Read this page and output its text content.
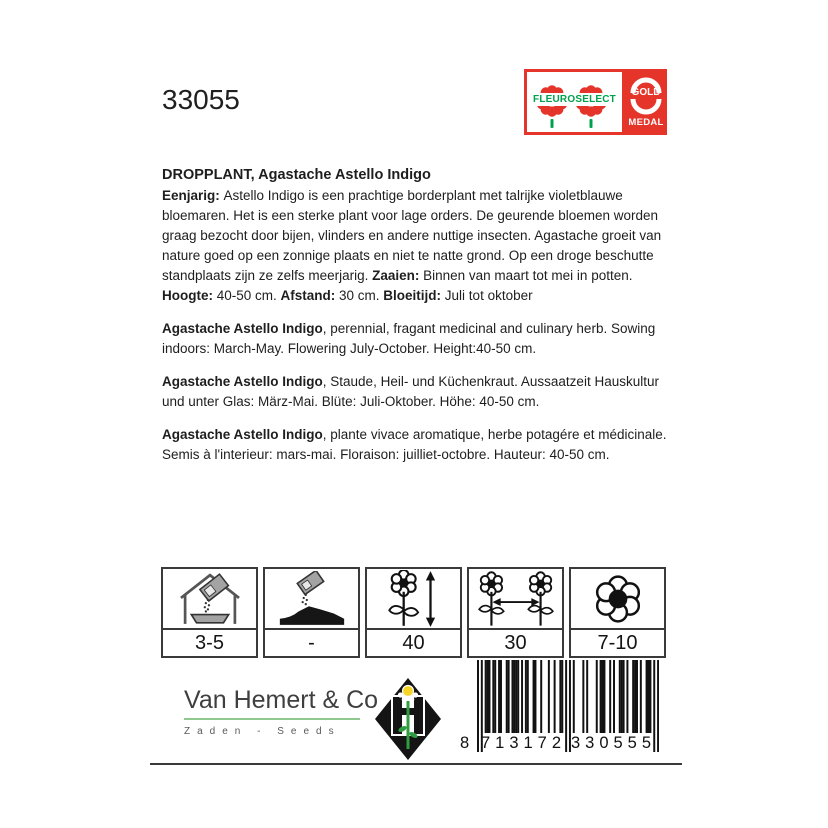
33055	FLEUROSELECT
GOLD
MEDAL
DROPPLANT, Agastache Astello Indigo

Eenjarig: Astello Indigo is een prachtige borderplant met talrijke violetblauwe bloemaren. Het is een sterke plant voor lage orders. De geurende bloemen worden graag bezocht door bijen, vlinders en andere nuttige insecten. Agastache groeit van nature goed op een zonnige plaats en niet te natte grond. Op een droge beschutte standplaats zijn ze zelfs meerjarig. Zaaien: Binnen van maart tot mei in potten. Hoogte: 40-50 cm. Afstand: 30 cm. Bloeitijd: Juli tot oktober

Agastache Astello Indigo, perennial, fragant medicinal and culinary herb. Sowing indoors: March-May. Flowering July-October. Height:40-50 cm.

Agastache Astello Indigo, Staude, Heil- und Küchenkraut. Aussaatzeit Hauskultur und unter Glas: März-Mai. Blüte: Juli-Oktober. Höhe: 40-50 cm.

Agastache Astello Indigo, plante vivace aromatique, herbe potagére et médicinale. Semis à l'interieur: mars-mai. Floraison: juilliet-octobre. Hauteur: 40-50 cm.

3-5	-	40	30	7-10
Van Hemert & Co
Zaden - Seeds
8 713172 330555
